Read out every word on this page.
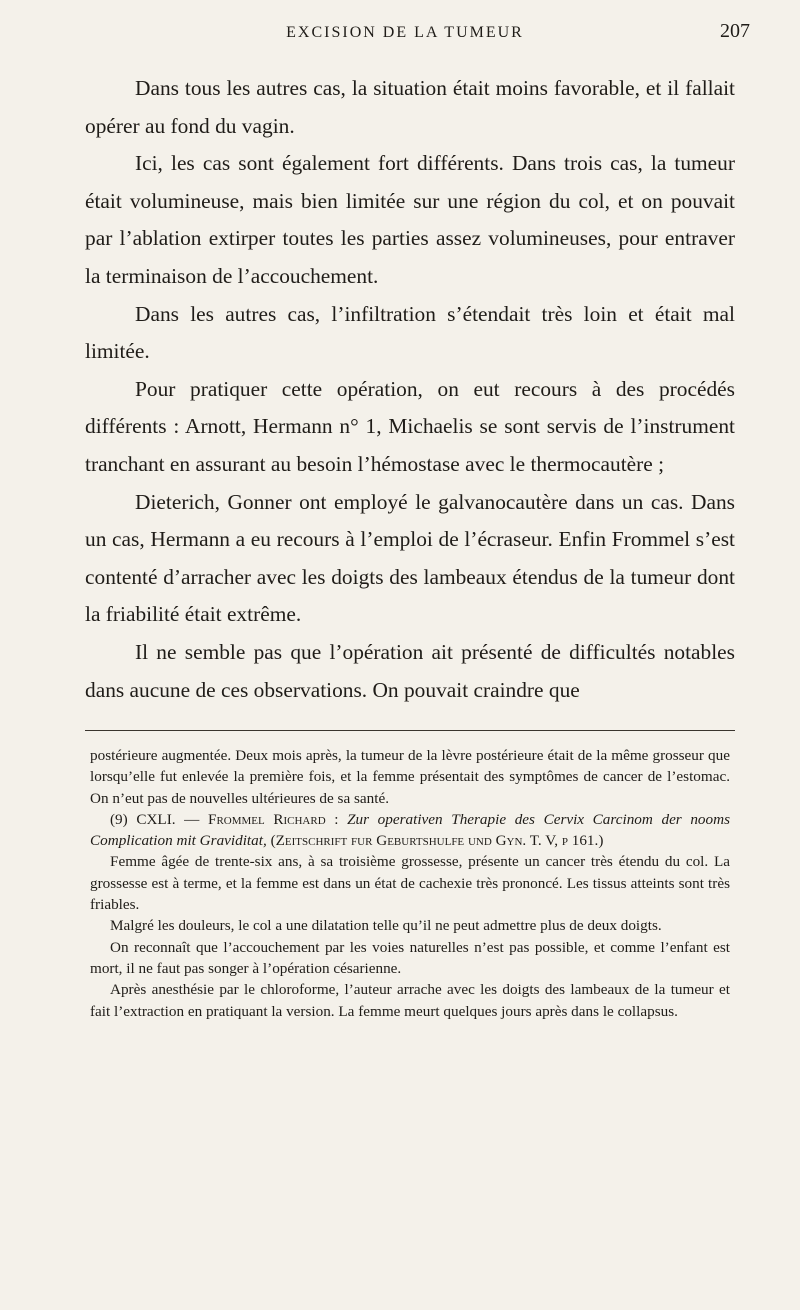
EXCISION DE LA TUMEUR	207

Dans tous les autres cas, la situation était moins favorable, et il fallait opérer au fond du vagin.

Ici, les cas sont également fort différents. Dans trois cas, la tumeur était volumineuse, mais bien limitée sur une région du col, et on pouvait par l’ablation extirper toutes les parties assez volumineuses, pour entraver la terminaison de l’accouchement.

Dans les autres cas, l’infiltration s’étendait très loin et était mal limitée.

Pour pratiquer cette opération, on eut recours à des procédés différents : Arnott, Hermann n° 1, Michaelis se sont servis de l’instrument tranchant en assurant au besoin l’hémostase avec le thermocautère ;

Dieterich, Gonner ont employé le galvanocautère dans un cas. Dans un cas, Hermann a eu recours à l’emploi de l’écraseur. Enfin Frommel s’est contenté d’arracher avec les doigts des lambeaux étendus de la tumeur dont la friabilité était extrême.

Il ne semble pas que l’opération ait présenté de difficultés notables dans aucune de ces observations. On pouvait craindre que

postérieure augmentée. Deux mois après, la tumeur de la lèvre postérieure était de la même grosseur que lorsqu’elle fut enlevée la première fois, et la femme présentait des symptômes de cancer de l’estomac. On n’eut pas de nouvelles ultérieures de sa santé.

(9) CXLI. — Frommel Richard : Zur operativen Therapie des Cervix Carcinom der nooms Complication mit Graviditat, (Zeitschrift fur Geburtshulfe und Gyn. T. V, p 161.)

Femme âgée de trente-six ans, à sa troisième grossesse, présente un cancer très étendu du col. La grossesse est à terme, et la femme est dans un état de cachexie très prononcé. Les tissus atteints sont très friables.

Malgré les douleurs, le col a une dilatation telle qu’il ne peut admettre plus de deux doigts.

On reconnaît que l’accouchement par les voies naturelles n’est pas possible, et comme l’enfant est mort, il ne faut pas songer à l’opération césarienne.

Après anesthésie par le chloroforme, l’auteur arrache avec les doigts des lambeaux de la tumeur et fait l’extraction en pratiquant la version. La femme meurt quelques jours après dans le collapsus.
